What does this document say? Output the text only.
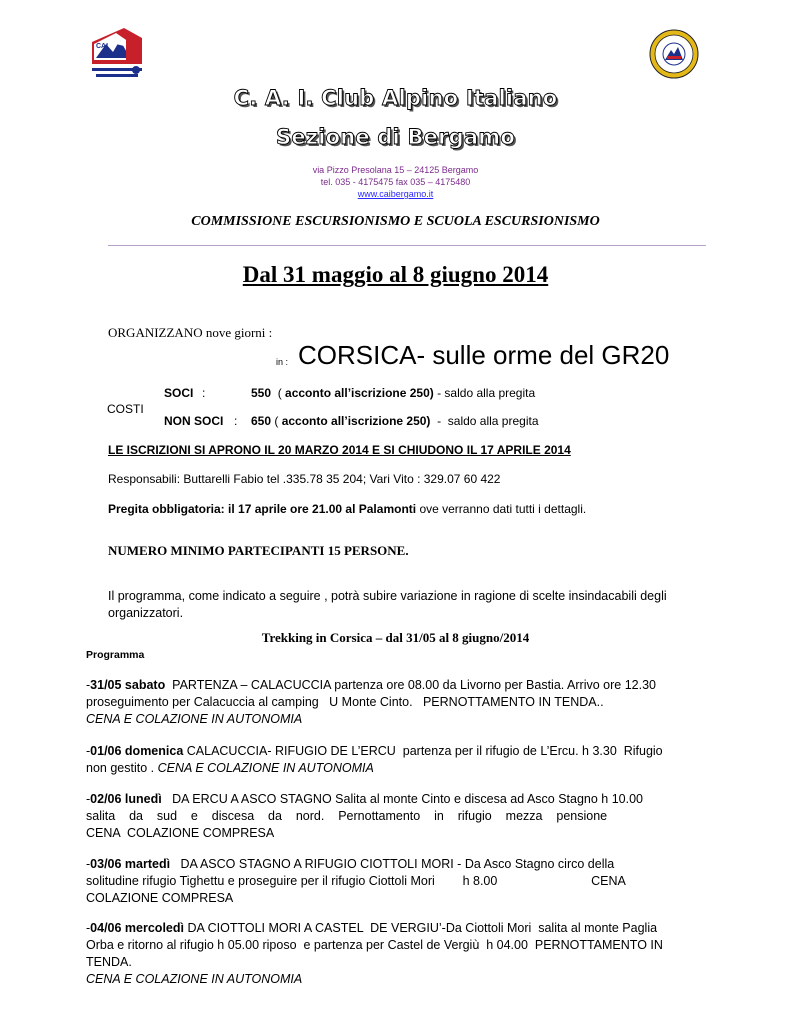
CAI
C. A. I. Club Alpino Italiano
Sezione di Bergamo
via Pizzo Presolana 15 – 24125 Bergamo
tel. 035 - 4175475 fax 035 – 4175480
www.caibergamo.it
COMMISSIONE ESCURSIONISMO E SCUOLA ESCURSIONISMO
Dal 31 maggio al 8 giugno 2014
ORGANIZZANO nove giorni :
in : CORSICA- sulle orme del GR20
SOCI :	550  ( acconto all’iscrizione 250) - saldo alla pregita
COSTI
NON SOCI : 650 ( acconto all’iscrizione 250)  -  saldo alla pregita
LE ISCRIZIONI SI APRONO IL 20 MARZO 2014 E SI CHIUDONO IL 17 APRILE 2014
Responsabili: Buttarelli Fabio tel .335.78 35 204; Vari Vito : 329.07 60 422
Pregita obbligatoria: il 17 aprile ore 21.00 al Palamonti ove verranno dati tutti i dettagli.
NUMERO MINIMO PARTECIPANTI 15 PERSONE.
Il programma, come indicato a seguire , potrà subire variazione in ragione di scelte insindacabili degli organizzatori.
Trekking in Corsica – dal 31/05 al 8 giugno/2014
Programma
-31/05 sabato  PARTENZA – CALACUCCIA partenza ore 08.00 da Livorno per Bastia. Arrivo ore 12.30
proseguimento per Calacuccia al camping   U Monte Cinto.   PERNOTTAMENTO IN TENDA..
CENA E COLAZIONE IN AUTONOMIA
-01/06 domenica CALACUCCIA- RIFUGIO DE L’ERCU  partenza per il rifugio de L’Ercu. h 3.30  Rifugio
non gestito . CENA E COLAZIONE IN AUTONOMIA
-02/06 lunedì   DA ERCU A ASCO STAGNO Salita al monte Cinto e discesa ad Asco Stagno h 10.00
salita    da    sud    e    discesa    da    nord.    Pernottamento    in    rifugio    mezza    pensione
CENA  COLAZIONE COMPRESA
-03/06 martedì   DA ASCO STAGNO A RIFUGIO CIOTTOLI MORI - Da Asco Stagno circo della
solitudine rifugio Tighettu e proseguire per il rifugio Ciottoli Mori        h 8.00                           CENA
COLAZIONE COMPRESA
-04/06 mercoledì DA CIOTTOLI MORI A CASTEL  DE VERGIU’-Da Ciottoli Mori  salita al monte Paglia
Orba e ritorno al rifugio h 05.00 riposo  e partenza per Castel de Vergiù  h 04.00  PERNOTTAMENTO IN
TENDA.
CENA E COLAZIONE IN AUTONOMIA
